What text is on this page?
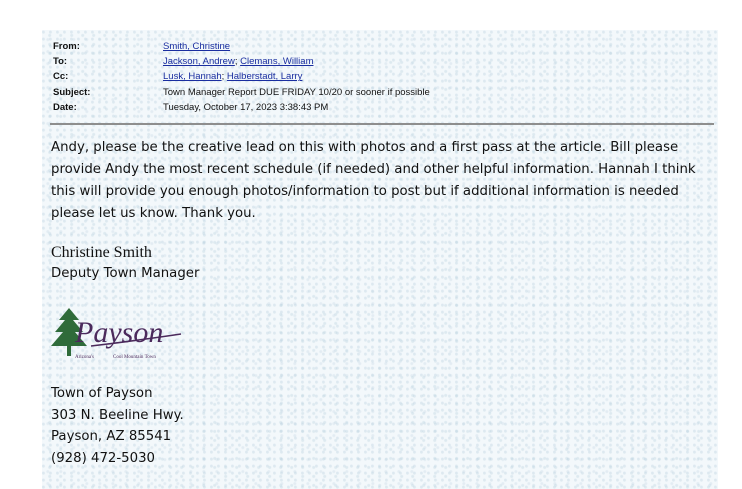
From:	Smith, Christine
To:	Jackson, Andrew; Clemans, William
Cc:	Lusk, Hannah; Halberstadt, Larry
Subject:	Town Manager Report DUE FRIDAY 10/20 or sooner if possible
Date:	Tuesday, October 17, 2023 3:38:43 PM
Andy, please be the creative lead on this with photos and a first pass at the article. Bill please
provide Andy the most recent schedule (if needed) and other helpful information. Hannah I think
this will provide you enough photos/information to post but if additional information is needed
please let us know. Thank you.
Christine Smith
Deputy Town Manager
Payson
Arizona's	Cool Mountain Town
Town of Payson
303 N. Beeline Hwy.
Payson, AZ 85541
(928) 472-5030
